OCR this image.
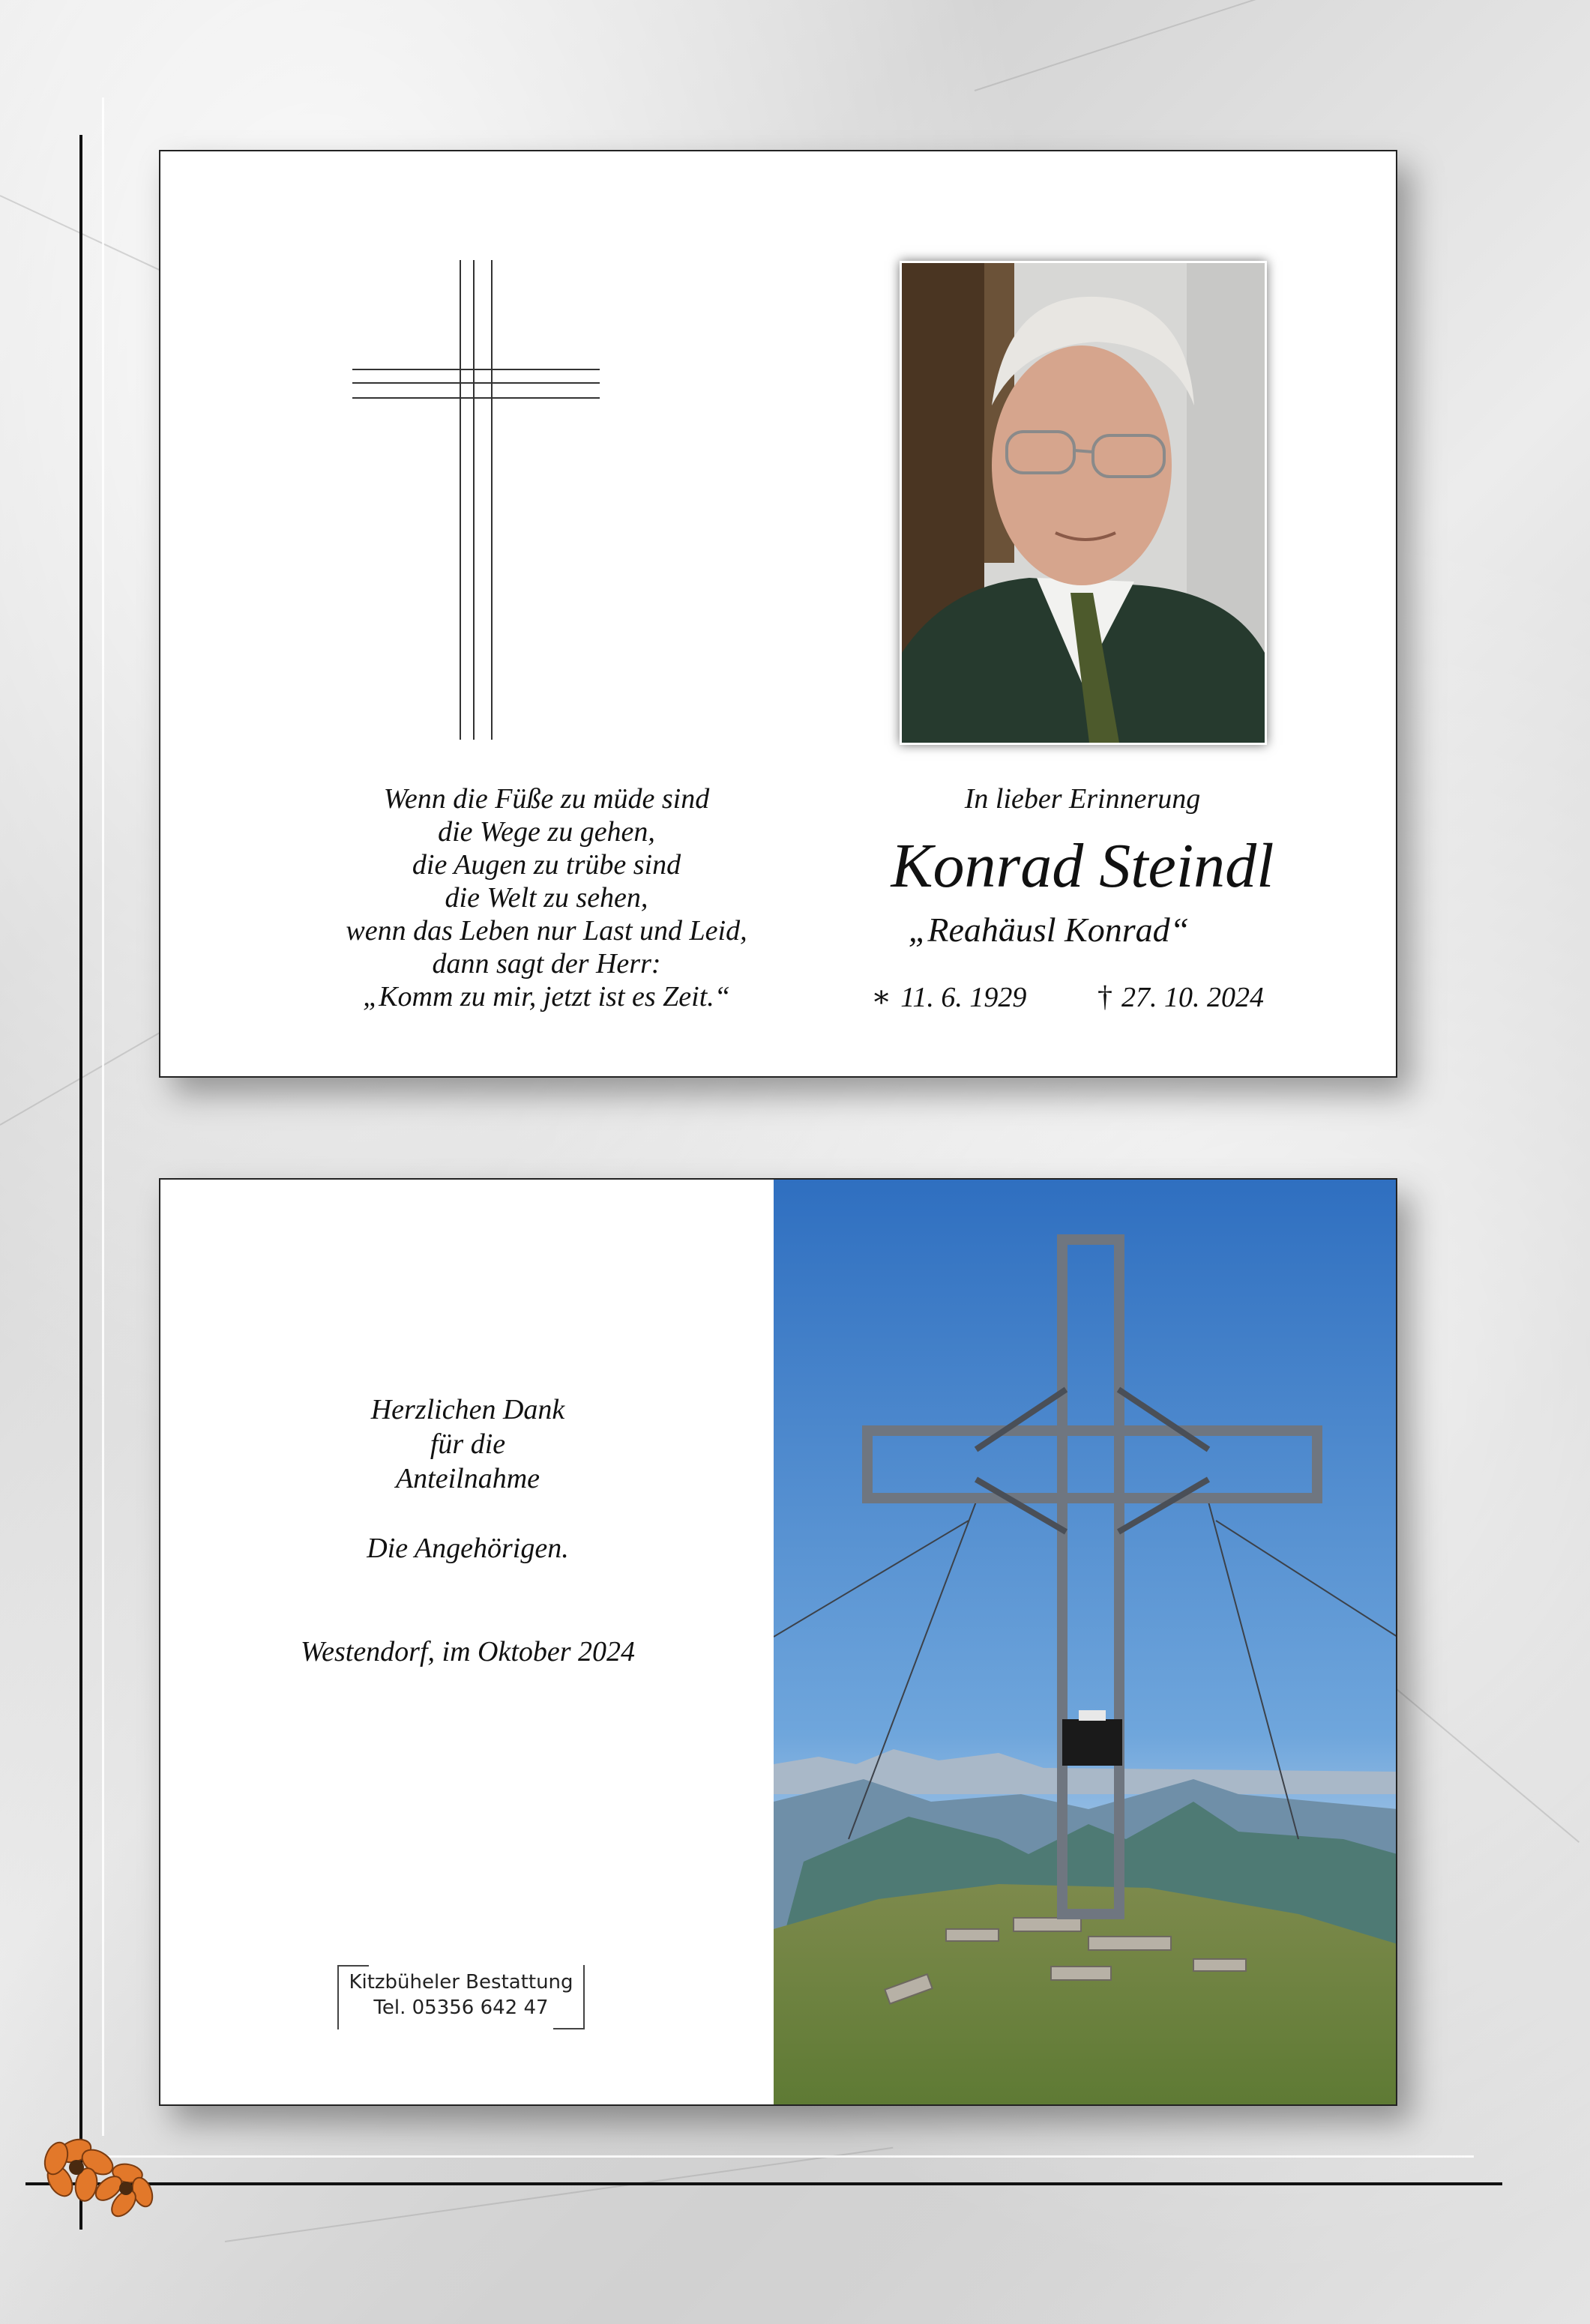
Wenn die Füße zu müde sind
die Wege zu gehen,
die Augen zu trübe sind
die Welt zu sehen,
wenn das Leben nur Last und Leid,
dann sagt der Herr:
„Komm zu mir, jetzt ist es Zeit.“
In lieber Erinnerung
Konrad Steindl
„Reahäusl Konrad“
∗ 11. 6. 1929 † 27. 10. 2024
Herzlichen Dank
für die
Anteilnahme
Die Angehörigen.
Westendorf, im Oktober 2024
Kitzbüheler Bestattung
Tel. 05356 642 47
